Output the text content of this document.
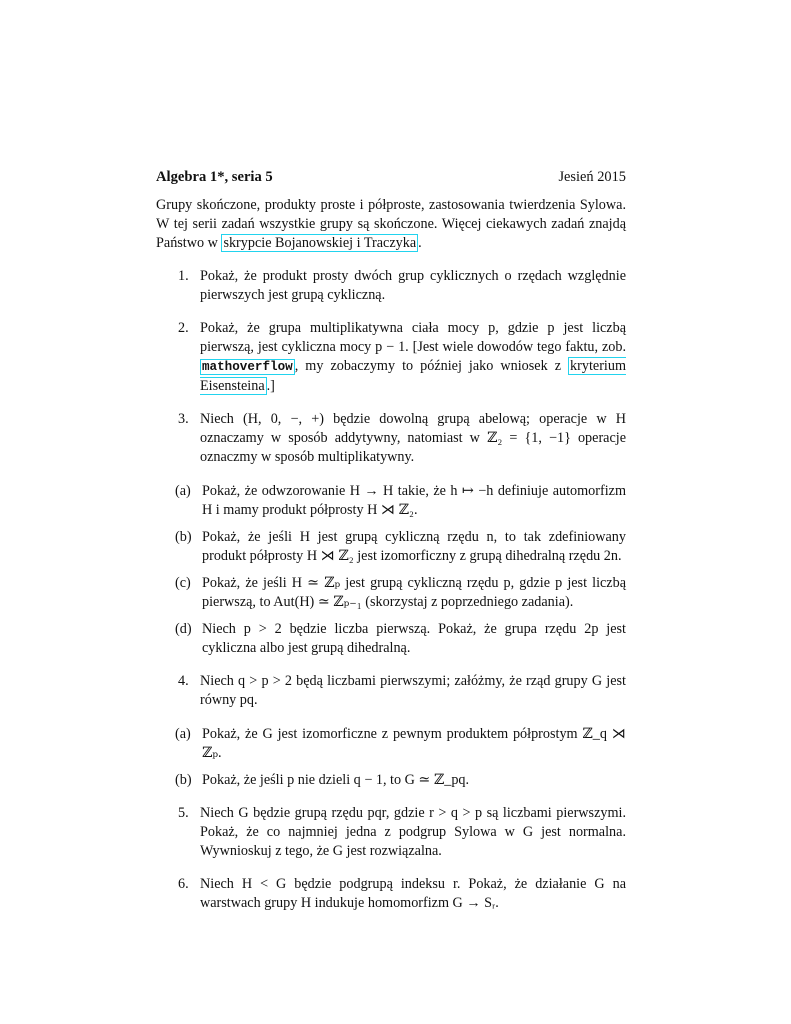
Algebra 1*, seria 5	Jesień 2015
Grupy skończone, produkty proste i półproste, zastosowania twierdzenia Sylowa. W tej serii zadań wszystkie grupy są skończone. Więcej ciekawych zadań znajdą Państwo w skrypcie Bojanowskiej i Traczyka .
1. Pokaż, że produkt prosty dwóch grup cyklicznych o rzędach względnie pierwszych jest grupą cykliczną.
2. Pokaż, że grupa multiplikatywna ciała mocy p, gdzie p jest liczbą pierwszą, jest cykliczna mocy p − 1. [Jest wiele dowodów tego faktu, zob. mathoverflow , my zobaczymy to później jako wniosek z kryterium Eisensteina .]
3. Niech (H, 0, −, +) będzie dowolną grupą abelową; operacje w H oznaczamy w sposób addytywny, natomiast w ℤ₂ = {1, −1} operacje oznaczmy w sposób multiplikatywny.
(a) Pokaż, że odwzorowanie H → H takie, że h ↦ −h definiuje automorfizm H i mamy produkt półprosty H ⋊ ℤ₂.
(b) Pokaż, że jeśli H jest grupą cykliczną rzędu n, to tak zdefiniowany produkt półprosty H ⋊ ℤ₂ jest izomorficzny z grupą dihedralną rzędu 2n.
(c) Pokaż, że jeśli H ≃ ℤₚ jest grupą cykliczną rzędu p, gdzie p jest liczbą pierwszą, to Aut(H) ≃ ℤₚ₋₁ (skorzystaj z poprzedniego zadania).
(d) Niech p > 2 będzie liczba pierwszą. Pokaż, że grupa rzędu 2p jest cykliczna albo jest grupą dihedralną.
4. Niech q > p > 2 będą liczbami pierwszymi; załóżmy, że rząd grupy G jest równy pq.
(a) Pokaż, że G jest izomorficzne z pewnym produktem półprostym ℤ_q ⋊ ℤₚ.
(b) Pokaż, że jeśli p nie dzieli q − 1, to G ≃ ℤ_pq.
5. Niech G będzie grupą rzędu pqr, gdzie r > q > p są liczbami pierwszymi. Pokaż, że co najmniej jedna z podgrup Sylowa w G jest normalna. Wywnioskuj z tego, że G jest rozwiązalna.
6. Niech H < G będzie podgrupą indeksu r. Pokaż, że działanie G na warstwach grupy H indukuje homomorfizm G → Sᵣ.
